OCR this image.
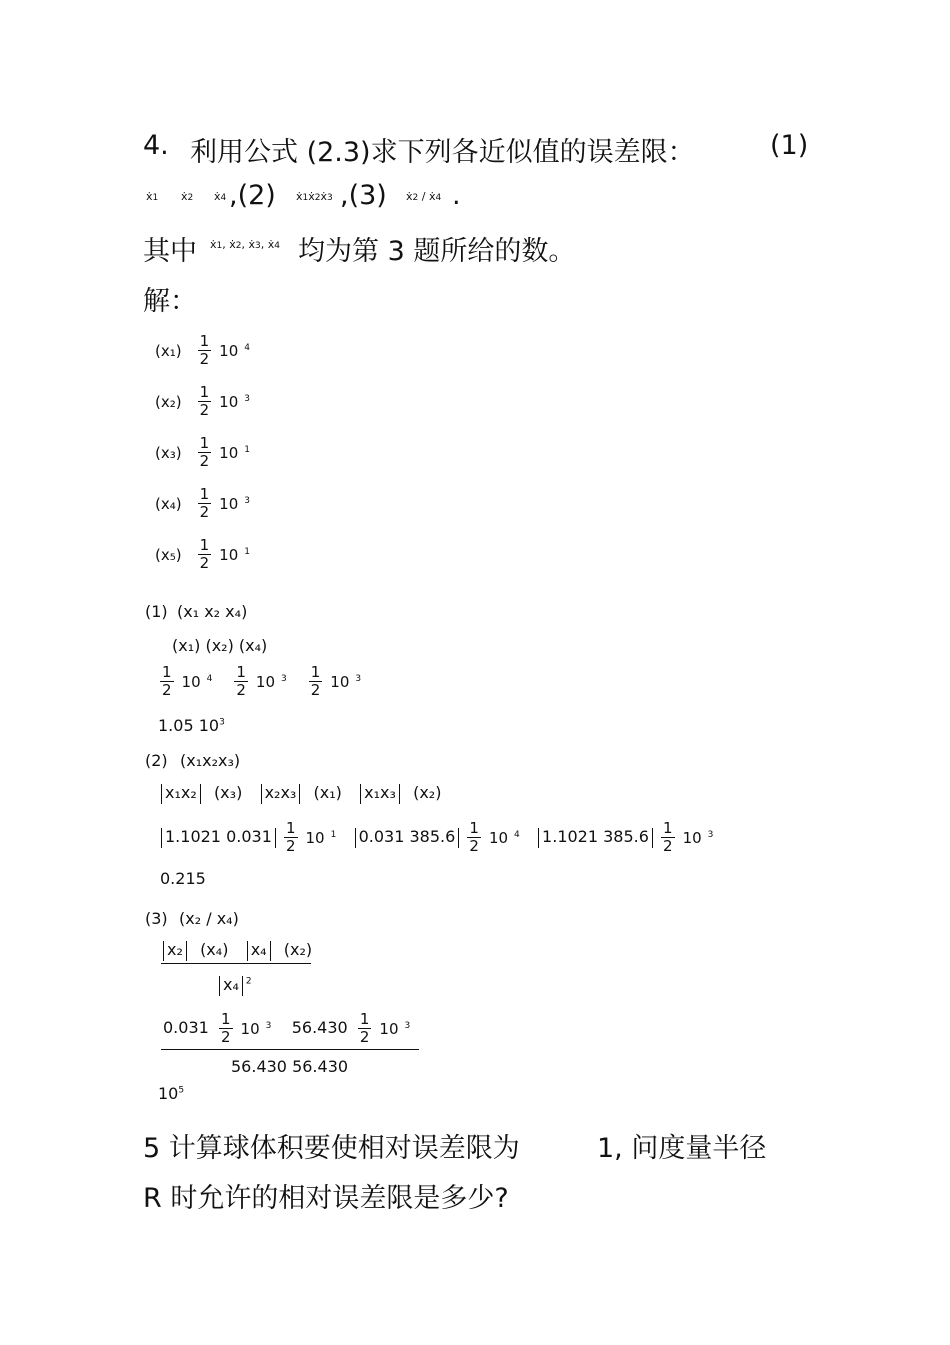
4. 利用公式 (2.3)求下列各近似值的误差限：	(1)
ẋ1 ẋ2 ẋ4 ,(2) ẋ1ẋ2ẋ3 ,(3) ẋ2 / ẋ4 .
其中 ẋ1, ẋ2, ẋ3, ẋ4 均为第 3 题所给的数。
解：
$(x_1) \frac{1}{2} 10$ $^4$
$(x_2) \frac{1}{2} 10$ $^3$
$(x_3) \frac{1}{2} 10$ $^1$
$(x_4) \frac{1}{2} 10$ $^3$
$(x_5) \frac{1}{2} 10$ $^1$
(1) (x₁ x₂ x₄)
(x₁) (x₂) (x₄)
$\frac{1}{2} 10$ $^4 \frac{1}{2} 10$ $^3 \frac{1}{2} 10$ $^3$
1.05 $10^3$
(2) (x₁x₂x₃)
x₁x₂ (x₃) x₂x₃ (x₁) x₁x₃ (x₂)
1.1021 $0.031 \frac{1}{2} 10$ $^1$ 0.031 $385.6 \frac{1}{2} 10$ $^4$ 1.1021 $385.6 \frac{1}{2} 10$ $^3$
0.215
(3) (x₂ / x₄)
x₂ (x₄) x₄ (x₂)
x₄ $^2$
$0.031 \frac{1}{2} 10$ $^3$ $56.430 \frac{1}{2} 10$ $^3$
56.430 56.430
$10^5$
5 计算球体积要使相对误差限为	1, 问度量半径
R 时允许的相对误差限是多少?
